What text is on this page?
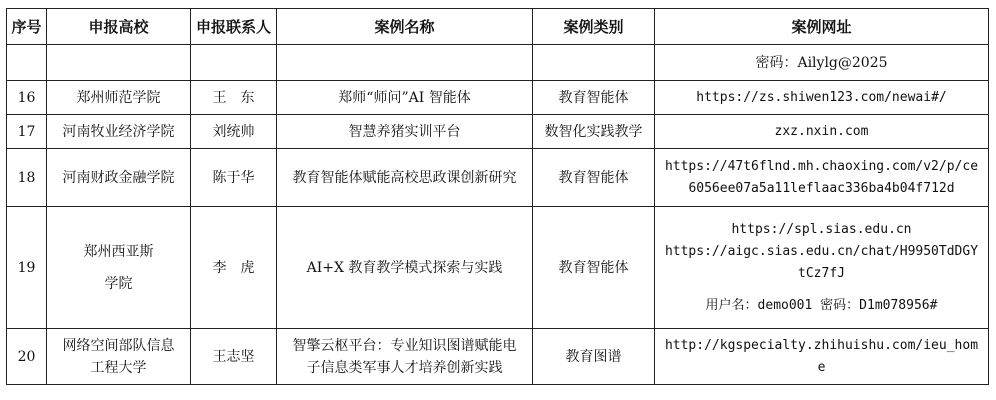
序号	申报高校	申报联系人	案例名称	案例类别	案例网址
					密码：Ailylg@2025
16	郑州师范学院	王　东	郑师“师问”AI 智能体	教育智能体	https://zs.shiwen123.com/newai#/
17	河南牧业经济学院	刘统帅	智慧养猪实训平台	数智化实践教学	zxz.nxin.com
18	河南财政金融学院	陈于华	教育智能体赋能高校思政课创新研究	教育智能体	https://47t6flnd.mh.chaoxing.com/v2/p/ce
6056ee07a5a11leflaac336ba4b04f712d

19	郑州西亚斯
学院	李　虎	AI+X 教育教学模式探索与实践	教育智能体	https://spl.sias.edu.cn
https://aigc.sias.edu.cn/chat/H9950TdDGY
tCz7fJ
用户名：demo001 密码：D1m078956#

20	网络空间部队信息
工程大学	王志坚	智擎云枢平台：专业知识图谱赋能电
子信息类军事人才培养创新实践	教育图谱	http://kgspecialty.zhihuishu.com/ieu_hom
e
